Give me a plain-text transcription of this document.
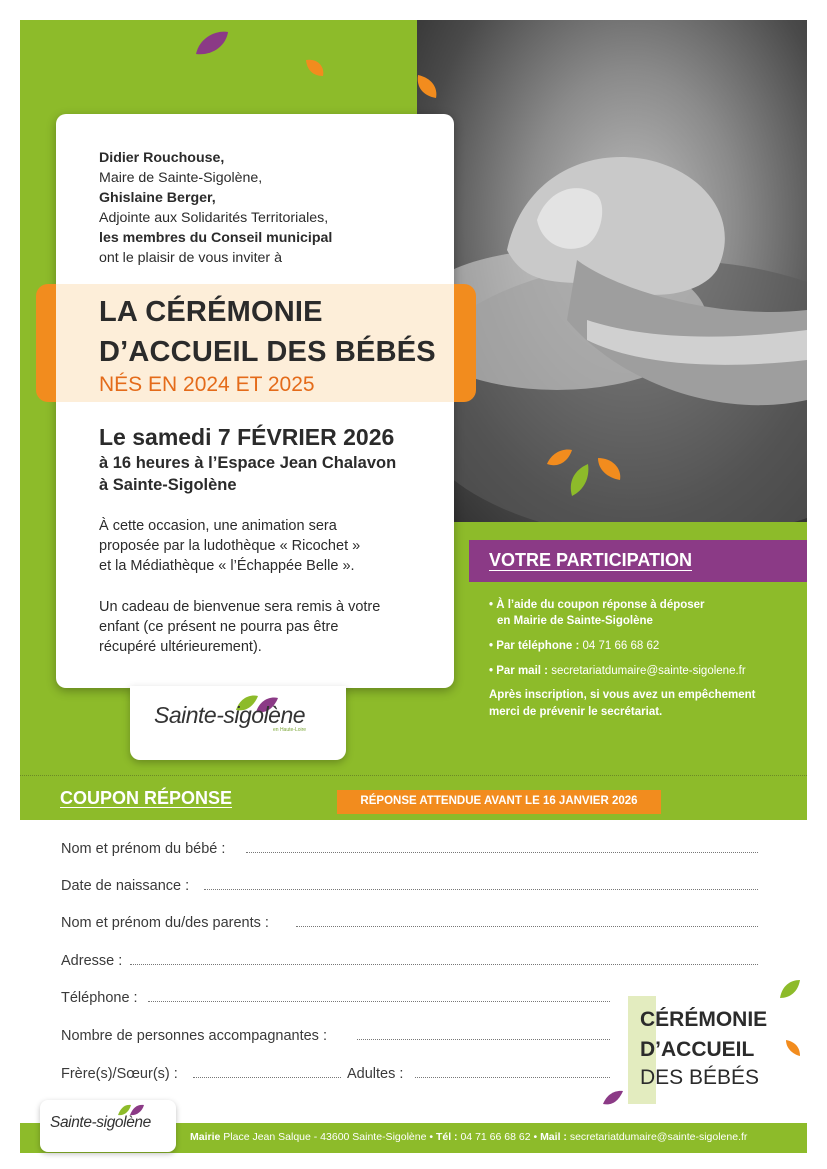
Didier Rouchouse,
Maire de Sainte-Sigolène,
Ghislaine Berger,
Adjointe aux Solidarités Territoriales,
les membres du Conseil municipal
ont le plaisir de vous inviter à
LA CÉRÉMONIE
D’ACCUEIL DES BÉBÉS
NÉS EN 2024 ET 2025
Le samedi 7 FÉVRIER 2026
à 16 heures à l’Espace Jean Chalavon
à Sainte-Sigolène
À cette occasion, une animation sera
proposée par la ludothèque « Ricochet »
et la Médiathèque « l’Échappée Belle ».
Un cadeau de bienvenue sera remis à votre
enfant (ce présent ne pourra pas être
récupéré ultérieurement).
Sainte-sigolène
en Haute-Loire
VOTRE PARTICIPATION
• À l’aide du coupon réponse à déposer
en Mairie de Sainte-Sigolène
• Par téléphone : 04 71 66 68 62
• Par mail : secretariatdumaire@sainte-sigolene.fr
Après inscription, si vous avez un empêchement
merci de prévenir le secrétariat.
COUPON RÉPONSE	RÉPONSE ATTENDUE AVANT LE 16 JANVIER 2026
Nom et prénom du bébé :
Date de naissance :
Nom et prénom du/des parents :
Adresse :
Téléphone :
Nombre de personnes accompagnantes :
Frère(s)/Sœur(s) :	Adultes :
CÉRÉMONIE
D’ACCUEIL
DES BÉBÉS
Sainte-sigolène
Mairie Place Jean Salque - 43600 Sainte-Sigolène • Tél : 04 71 66 68 62 • Mail : secretariatdumaire@sainte-sigolene.fr
